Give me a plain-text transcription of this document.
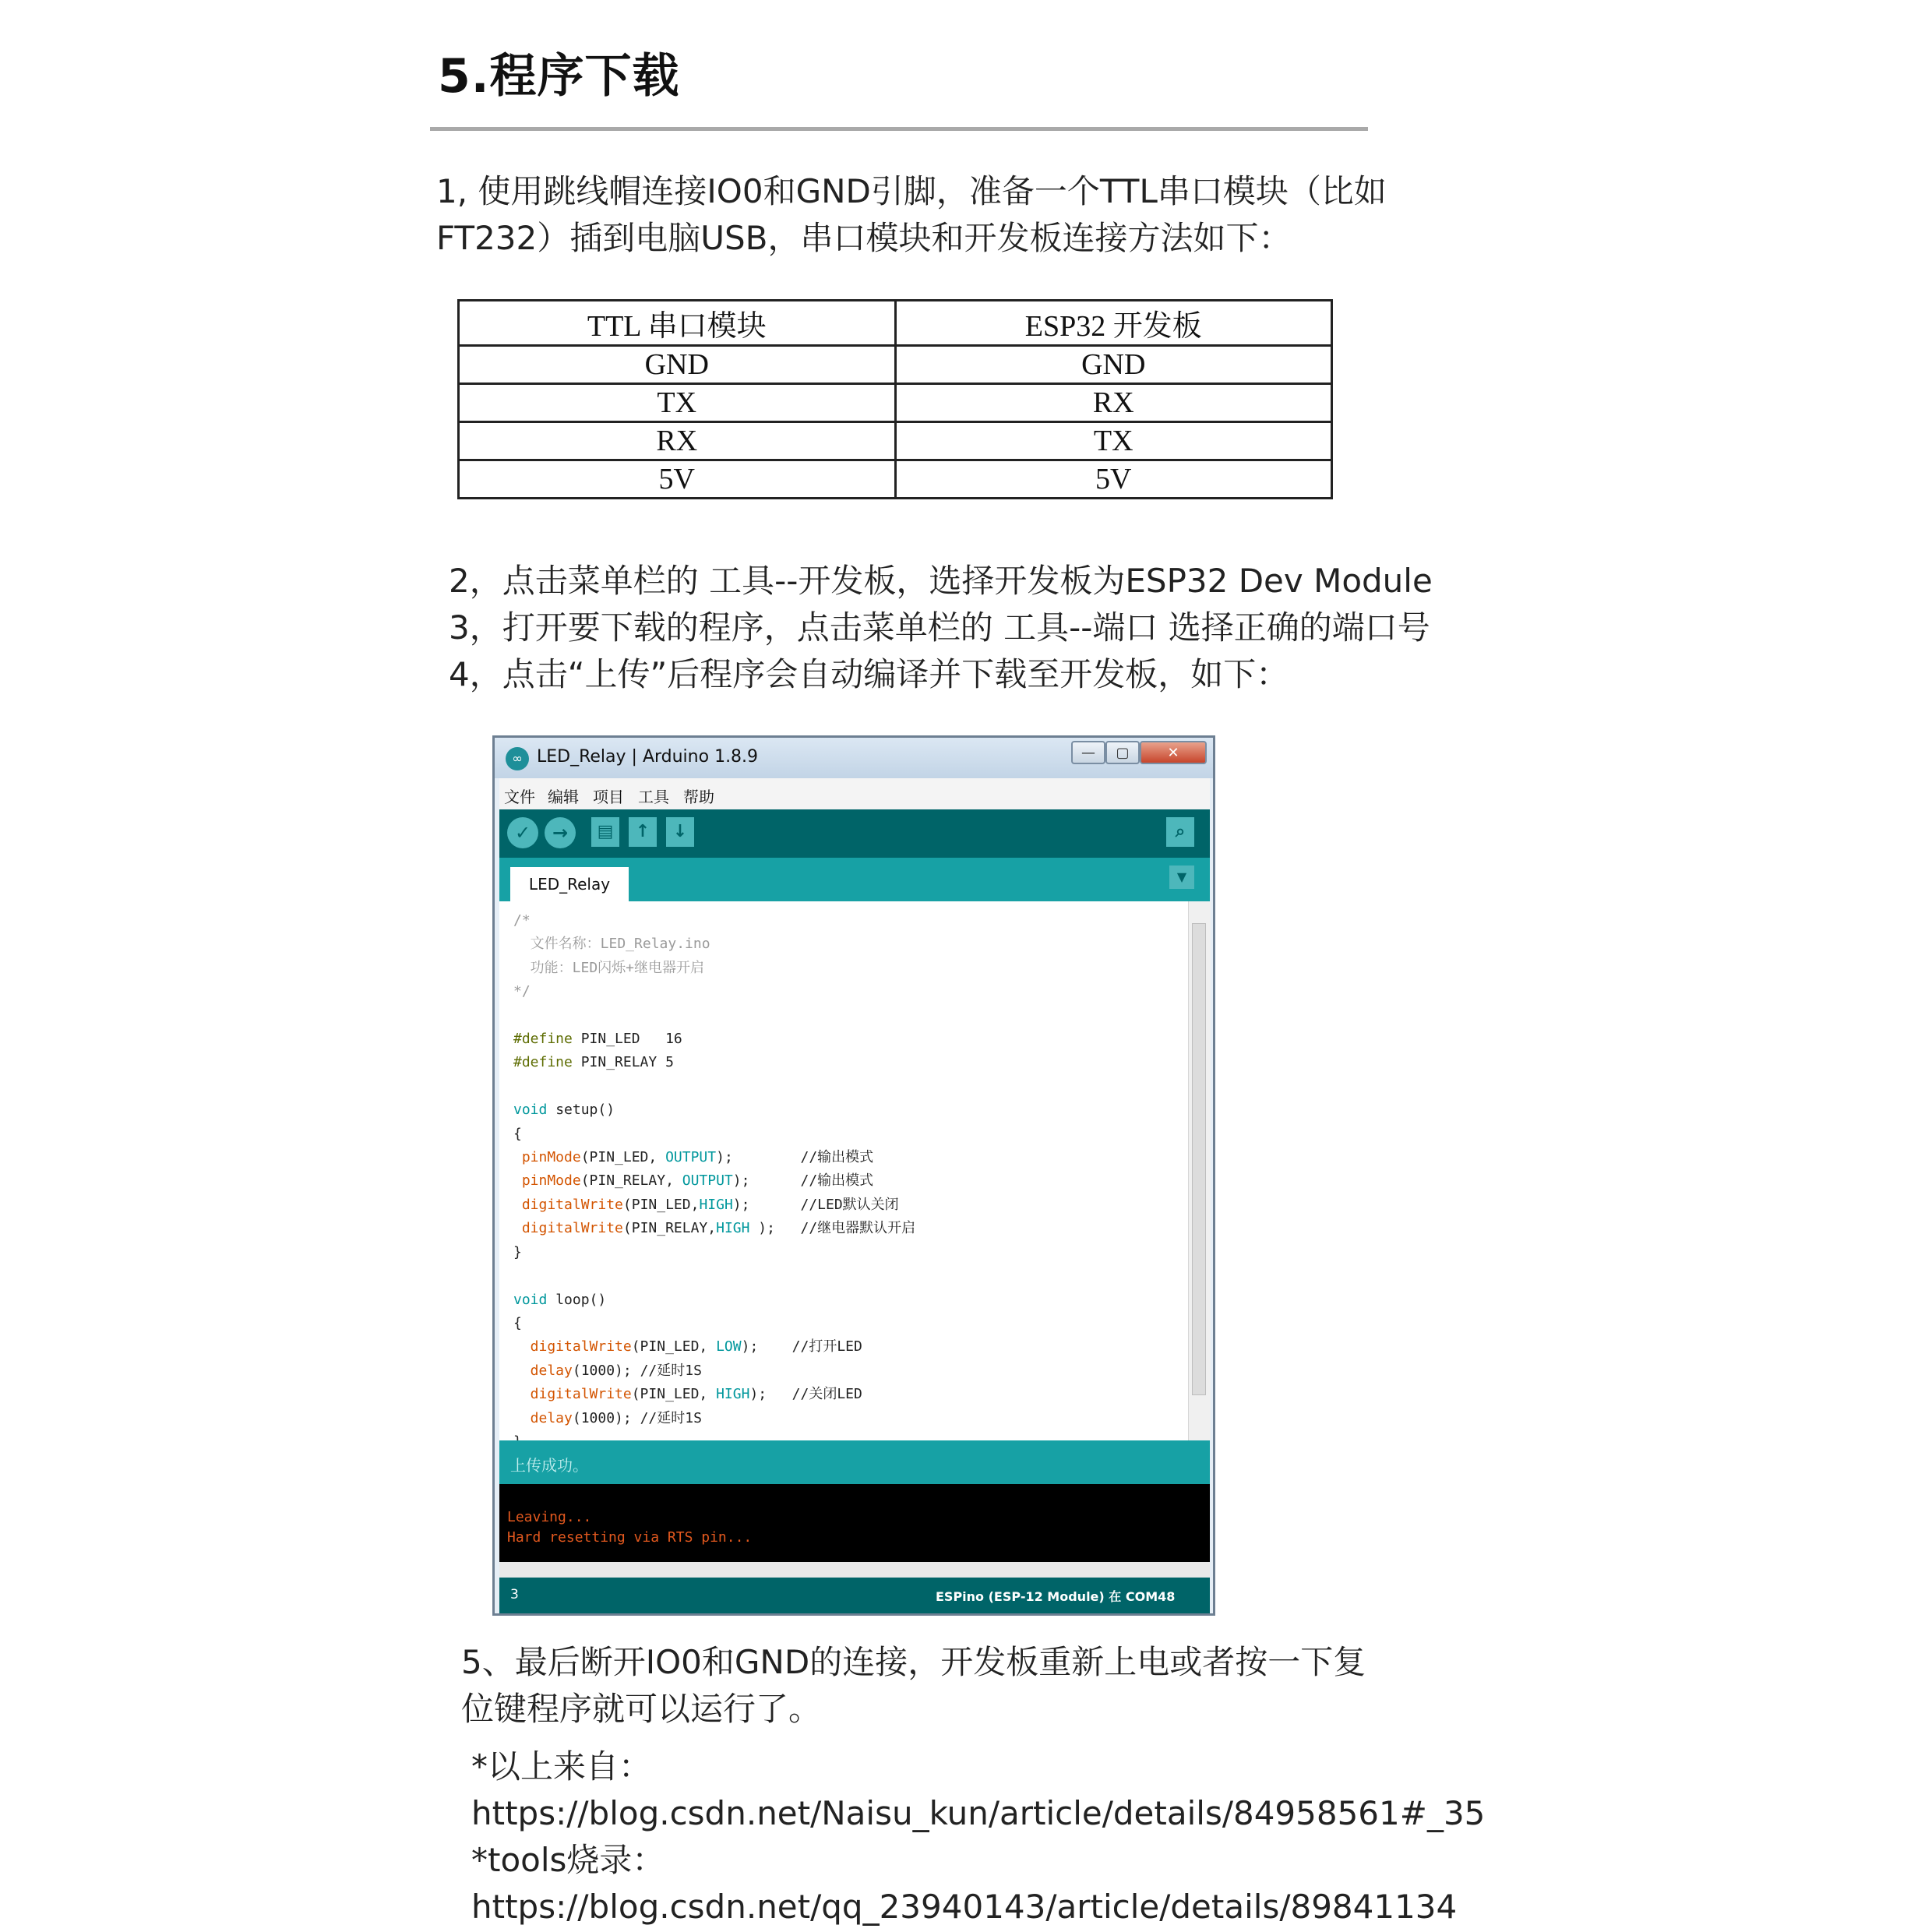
5.程序下载
1, 使用跳线帽连接IO0和GND引脚，准备一个TTL串口模块（比如
FT232）插到电脑USB，串口模块和开发板连接方法如下：
TTL 串口模块	ESP32 开发板
GND	GND
TX	RX
RX	TX
5V	5V
2，点击菜单栏的 工具--开发板，选择开发板为ESP32 Dev Module
3，打开要下载的程序，点击菜单栏的 工具--端口 选择正确的端口号
4，点击“上传”后程序会自动编译并下载至开发板，如下：
∞ LED_Relay | Arduino 1.8.9	—	▢	✕
文件 编辑 项目 工具 帮助
✓	→	▤	↑	↓	⌕
LED_Relay	▼
/*
文件名称：LED_Relay.ino
功能：LED闪烁+继电器开启
*/

#define PIN_LED   16
#define PIN_RELAY 5

void setup()
{
pinMode(PIN_LED, OUTPUT);        //输出模式
pinMode(PIN_RELAY, OUTPUT);      //输出模式
digitalWrite(PIN_LED,HIGH);      //LED默认关闭
digitalWrite(PIN_RELAY,HIGH );   //继电器默认开启
}

void loop()
{
digitalWrite(PIN_LED, LOW);    //打开LED
delay(1000); //延时1S
digitalWrite(PIN_LED, HIGH);   //关闭LED
delay(1000); //延时1S

上传成功。
Leaving...
Hard resetting via RTS pin...
3	ESPino (ESP-12 Module) 在 COM48
5、最后断开IO0和GND的连接，开发板重新上电或者按一下复
位键程序就可以运行了。
*以上来自：
https://blog.csdn.net/Naisu_kun/article/details/84958561#_35
*tools烧录：
https://blog.csdn.net/qq_23940143/article/details/89841134
